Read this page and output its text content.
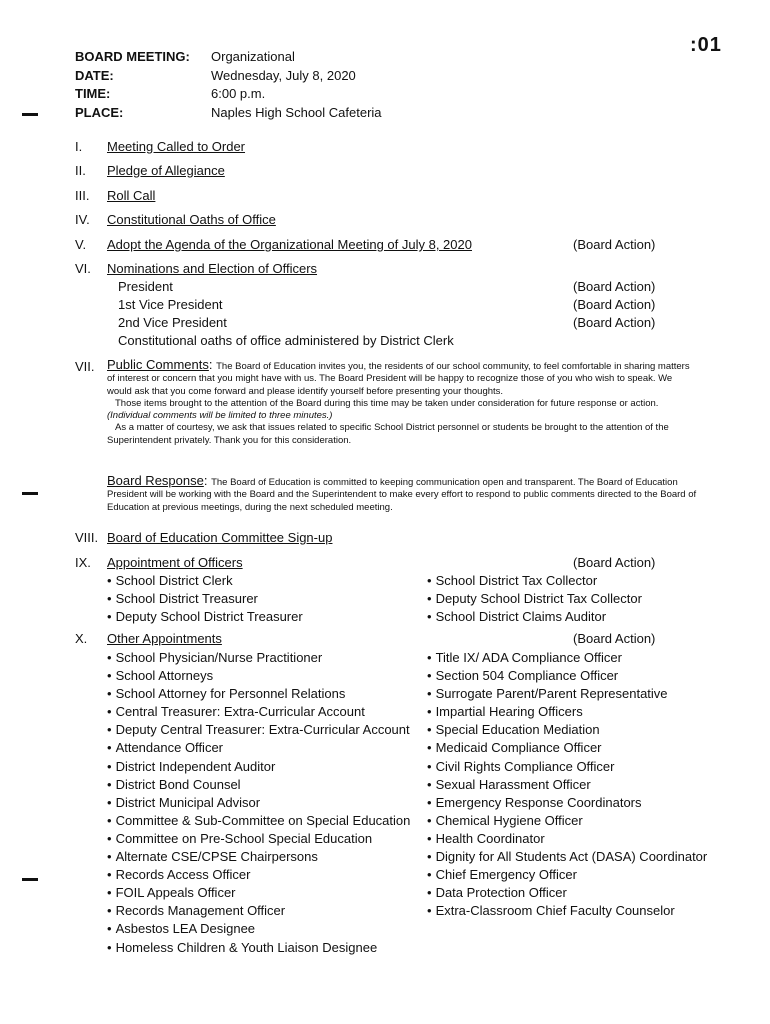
:01
BOARD MEETING:	Organizational
DATE:	Wednesday, July 8, 2020
TIME:	6:00 p.m.
PLACE:	Naples High School Cafeteria
I. Meeting Called to Order
II. Pledge of Allegiance
III. Roll Call
IV. Constitutional Oaths of Office
V. Adopt the Agenda of the Organizational Meeting of July 8, 2020	(Board Action)
VI. Nominations and Election of Officers
President	(Board Action)
1st Vice President	(Board Action)
2nd Vice President	(Board Action)
Constitutional oaths of office administered by District Clerk
VII. Public Comments: The Board of Education invites you, the residents of our school community, to feel comfortable in sharing matters of interest or concern that you might have with us. The Board President will be happy to recognize those of you who wish to speak. We would ask that you come forward and please identify yourself before presenting your thoughts.
Those items brought to the attention of the Board during this time may be taken under consideration for future response or action. (Individual comments will be limited to three minutes.)
As a matter of courtesy, we ask that issues related to specific School District personnel or students be brought to the attention of the Superintendent privately. Thank you for this consideration.
Board Response: The Board of Education is committed to keeping communication open and transparent. The Board of Education President will be working with the Board and the Superintendent to make every effort to respond to public comments directed to the Board of Education at previous meetings, during the next scheduled meeting.
VIII. Board of Education Committee Sign-up
IX. Appointment of Officers	(Board Action)
• School District Clerk
• School District Treasurer
• Deputy School District Treasurer
• School District Tax Collector
• Deputy School District Tax Collector
• School District Claims Auditor
X. Other Appointments	(Board Action)
• School Physician/Nurse Practitioner
• School Attorneys
• School Attorney for Personnel Relations
• Central Treasurer: Extra-Curricular Account
• Deputy Central Treasurer: Extra-Curricular Account
• Attendance Officer
• District Independent Auditor
• District Bond Counsel
• District Municipal Advisor
• Committee & Sub-Committee on Special Education
• Committee on Pre-School Special Education
• Alternate CSE/CPSE Chairpersons
• Records Access Officer
• FOIL Appeals Officer
• Records Management Officer
• Asbestos LEA Designee
• Homeless Children & Youth Liaison Designee
• Title IX/ ADA Compliance Officer
• Section 504 Compliance Officer
• Surrogate Parent/Parent Representative
• Impartial Hearing Officers
• Special Education Mediation
• Medicaid Compliance Officer
• Civil Rights Compliance Officer
• Sexual Harassment Officer
• Emergency Response Coordinators
• Chemical Hygiene Officer
• Health Coordinator
• Dignity for All Students Act (DASA) Coordinator
• Chief Emergency Officer
• Data Protection Officer
• Extra-Classroom Chief Faculty Counselor
